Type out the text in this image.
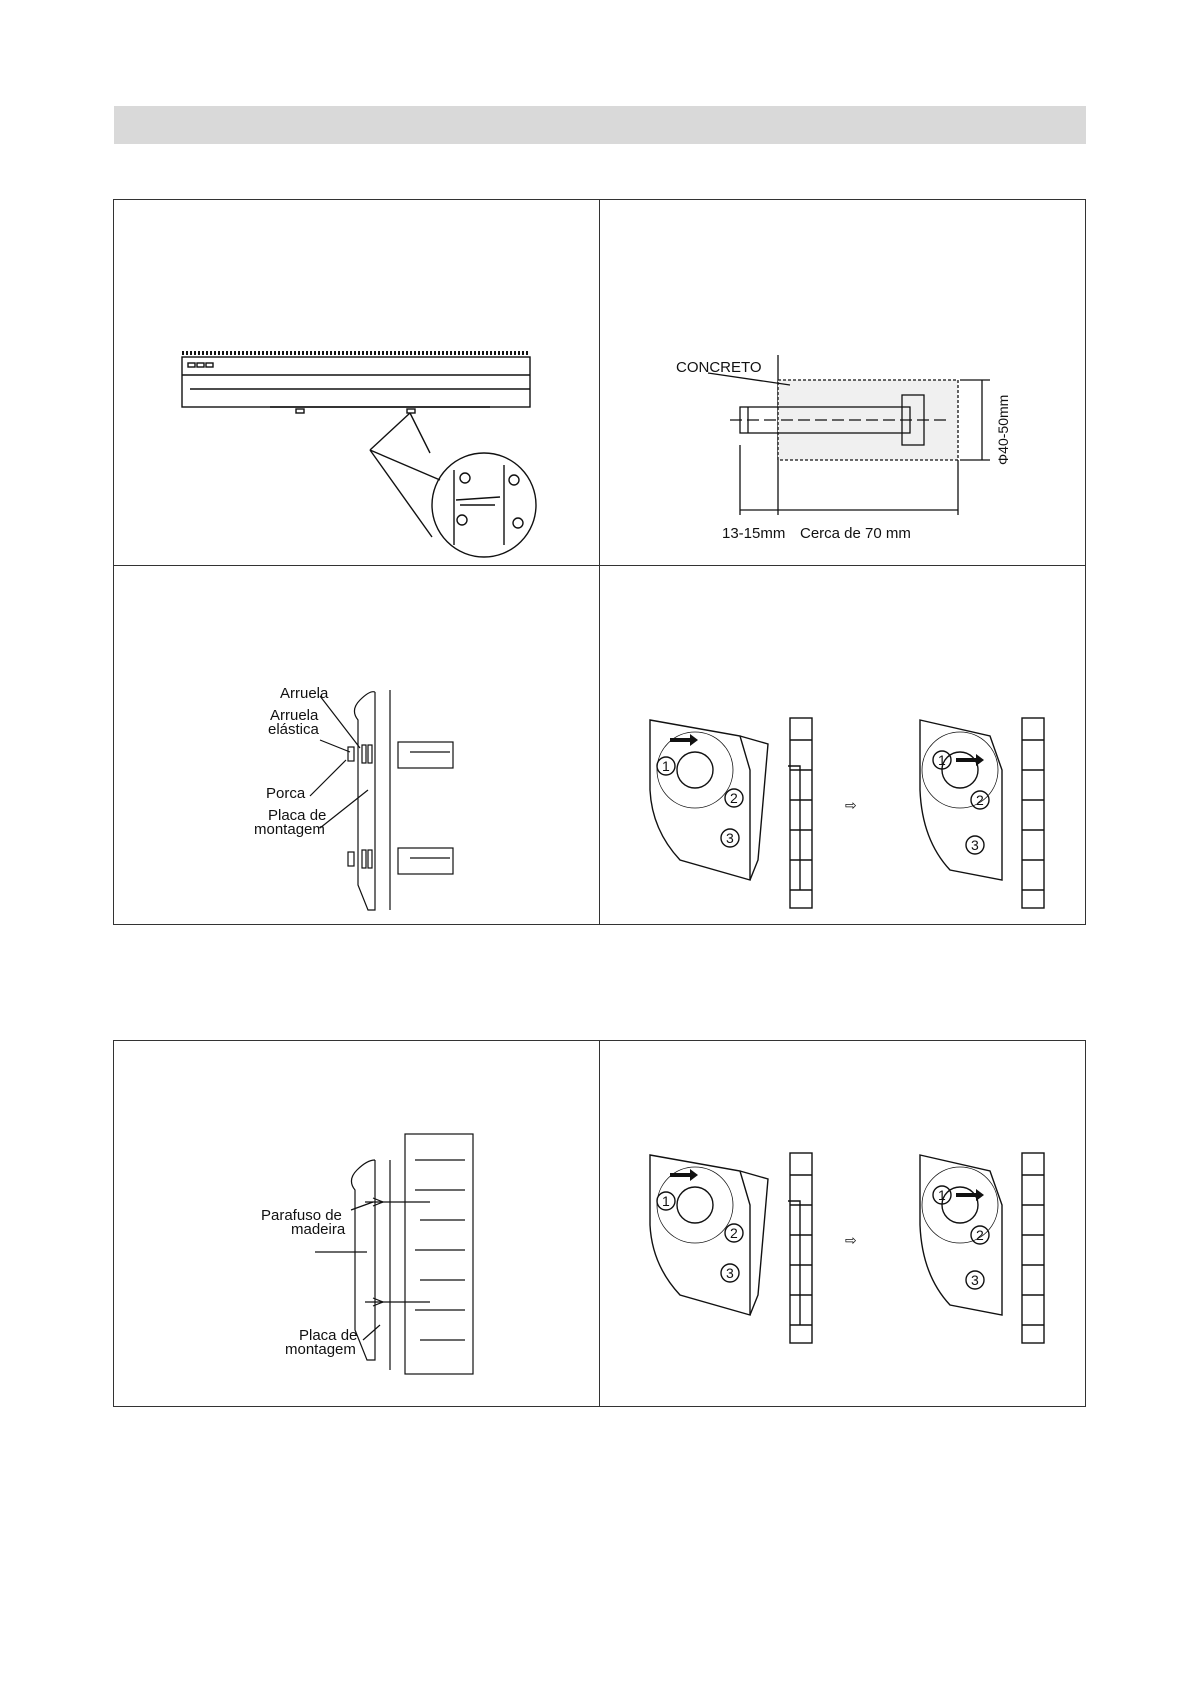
CONCRETO
Φ40-50mm
13-15mm Cerca de 70 mm
Arruela
Arruela
elástica
Porca
Placa de
montagem
1
2
3
1
2
3
⇨
Parafuso de
madeira
Placa de
montagem
1
2
3
1
2
3
⇨
